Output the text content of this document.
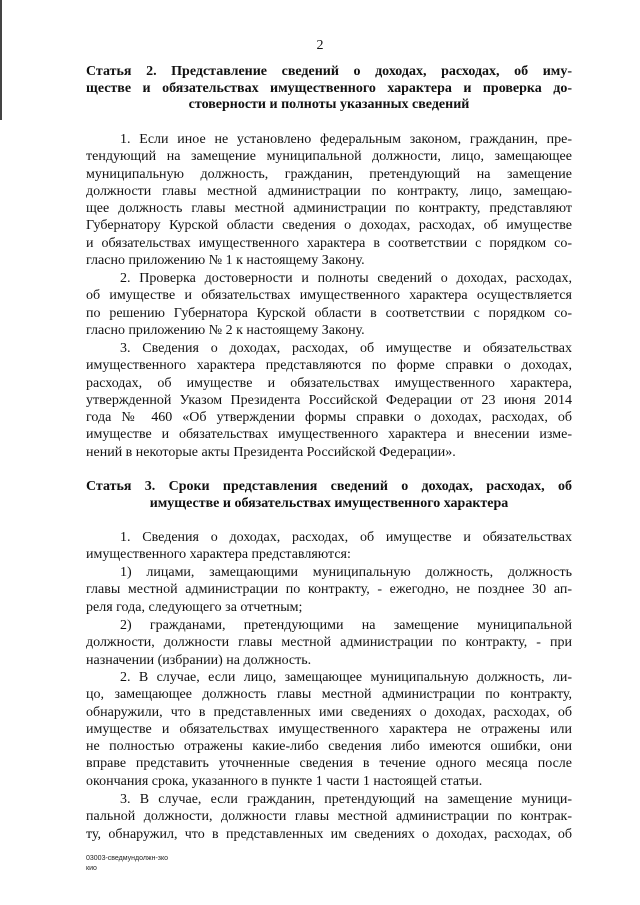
2
Статья 2. Представление сведений о доходах, расходах, об иму-
ществе и обязательствах имущественного характера и проверка до-
стоверности и полноты указанных сведений
1. Если иное не установлено федеральным законом, гражданин, пре-
тендующий на замещение муниципальной должности, лицо, замещающее
муниципальную должность, гражданин, претендующий на замещение
должности главы местной администрации по контракту, лицо, замещаю-
щее должность главы местной администрации по контракту, представляют
Губернатору Курской области сведения о доходах, расходах, об имуществе
и обязательствах имущественного характера в соответствии с порядком со-
гласно приложению № 1 к настоящему Закону.
2. Проверка достоверности и полноты сведений о доходах, расходах,
об имуществе и обязательствах имущественного характера осуществляется
по решению Губернатора Курской области в соответствии с порядком со-
гласно приложению № 2 к настоящему Закону.
3. Сведения о доходах, расходах, об имуществе и обязательствах
имущественного характера представляются по форме справки о доходах,
расходах, об имуществе и обязательствах имущественного характера,
утвержденной Указом Президента Российской Федерации от 23 июня 2014
года № 460 «Об утверждении формы справки о доходах, расходах, об
имуществе и обязательствах имущественного характера и внесении изме-
нений в некоторые акты Президента Российской Федерации».
Статья 3. Сроки представления сведений о доходах, расходах, об
имуществе и обязательствах имущественного характера
1. Сведения о доходах, расходах, об имуществе и обязательствах
имущественного характера представляются:
1) лицами, замещающими муниципальную должность, должность
главы местной администрации по контракту, - ежегодно, не позднее 30 ап-
реля года, следующего за отчетным;
2) гражданами, претендующими на замещение муниципальной
должности, должности главы местной администрации по контракту, - при
назначении (избрании) на должность.
2. В случае, если лицо, замещающее муниципальную должность, ли-
цо, замещающее должность главы местной администрации по контракту,
обнаружили, что в представленных ими сведениях о доходах, расходах, об
имуществе и обязательствах имущественного характера не отражены или
не полностью отражены какие-либо сведения либо имеются ошибки, они
вправе представить уточненные сведения в течение одного месяца после
окончания срока, указанного в пункте 1 части 1 настоящей статьи.
3. В случае, если гражданин, претендующий на замещение муници-
пальной должности, должности главы местной администрации по контрак-
ту, обнаружил, что в представленных им сведениях о доходах, расходах, об
03003-сведмундолжн-зко
кио
